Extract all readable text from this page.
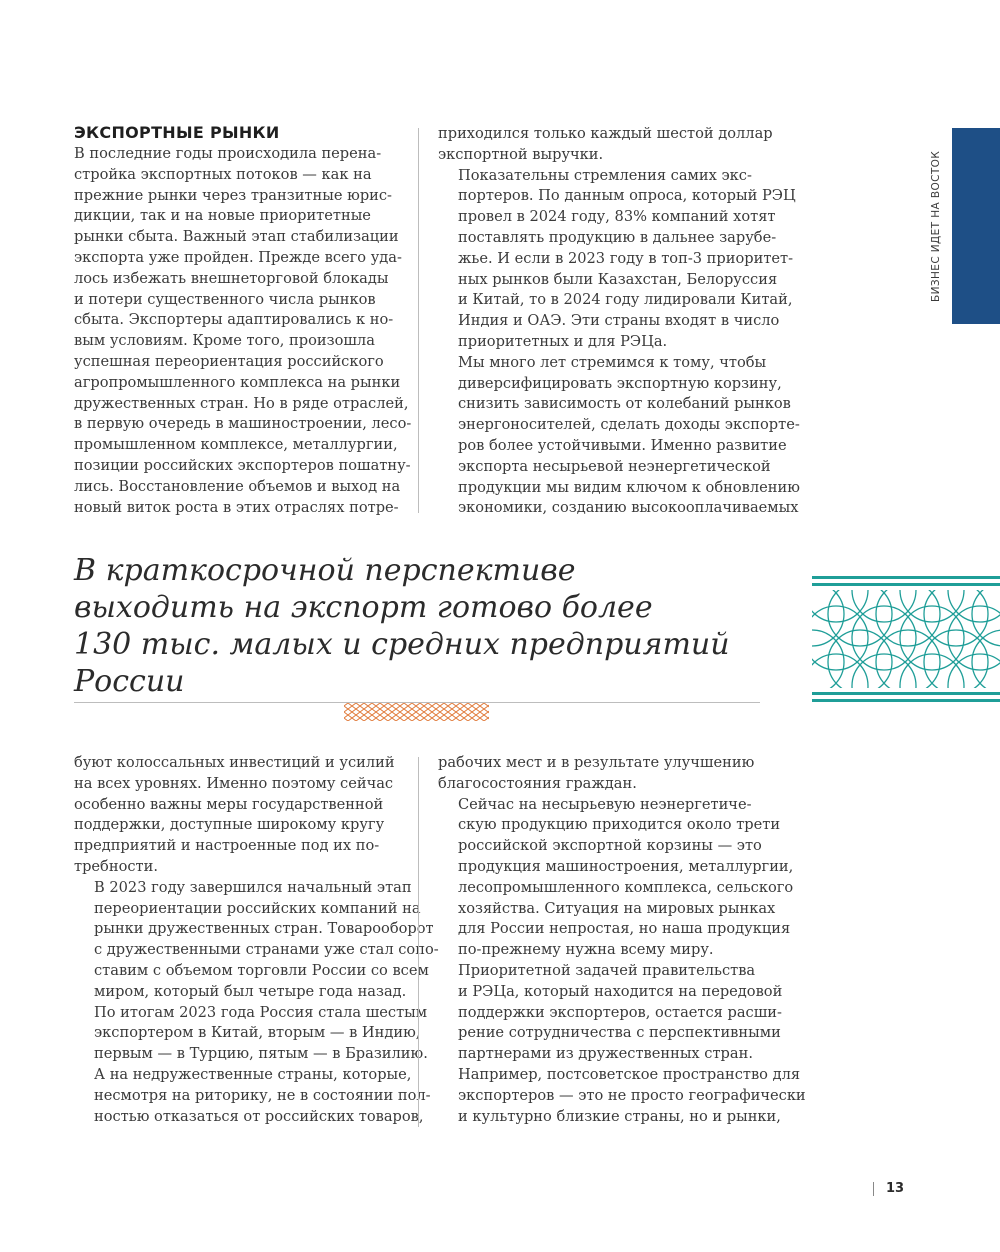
БИЗНЕС ИДЕТ НА ВОСТОК
ЭКСПОРТНЫЕ РЫНКИ

В последние годы происходила перена-
стройка экспортных потоков — как на
прежние рынки через транзитные юрис-
дикции, так и на новые приоритетные
рынки сбыта. Важный этап стабилизации
экспорта уже пройден. Прежде всего уда-
лось избежать внешнеторговой блокады
и потери существенного числа рынков
сбыта. Экспортеры адаптировались к но-
вым условиям. Кроме того, произошла
успешная переориентация российского
агропромышленного комплекса на рынки
дружественных стран. Но в ряде отраслей,
в первую очередь в машиностроении, лесо-
промышленном комплексе, металлургии,
позиции российских экспортеров пошатну-
лись. Восстановление объемов и выход на
новый виток роста в этих отраслях потре-

приходился только каждый шестой доллар
экспортной выручки.

Показательны стремления самих экс-
портеров. По данным опроса, который РЭЦ
провел в 2024 году, 83% компаний хотят
поставлять продукцию в дальнее зарубе-
жье. И если в 2023 году в топ-3 приоритет-
ных рынков были Казахстан, Белоруссия
и Китай, то в 2024 году лидировали Китай,
Индия и ОАЭ. Эти страны входят в число
приоритетных и для РЭЦа.

Мы много лет стремимся к тому, чтобы
диверсифицировать экспортную корзину,
снизить зависимость от колебаний рынков
энергоносителей, сделать доходы экспорте-
ров более устойчивыми. Именно развитие
экспорта несырьевой неэнергетической
продукции мы видим ключом к обновлению
экономики, созданию высокооплачиваемых

В краткосрочной перспективе
выходить на экспорт готово более
130 тыс. малых и средних предприятий
России

буют колоссальных инвестиций и усилий
на всех уровнях. Именно поэтому сейчас
особенно важны меры государственной
поддержки, доступные широкому кругу
предприятий и настроенные под их по-
требности.

В 2023 году завершился начальный этап
переориентации российских компаний на
рынки дружественных стран. Товарооборот
с дружественными странами уже стал сопо-
ставим с объемом торговли России со всем
миром, который был четыре года назад.
По итогам 2023 года Россия стала шестым
экспортером в Китай, вторым — в Индию,
первым — в Турцию, пятым — в Бразилию.
А на недружественные страны, которые,
несмотря на риторику, не в состоянии пол-
ностью отказаться от российских товаров,

рабочих мест и в результате улучшению
благосостояния граждан.

Сейчас на несырьевую неэнергетиче-
скую продукцию приходится около трети
российской экспортной корзины — это
продукция машиностроения, металлургии,
лесопромышленного комплекса, сельского
хозяйства. Ситуация на мировых рынках
для России непростая, но наша продукция
по-прежнему нужна всему миру.

Приоритетной задачей правительства
и РЭЦа, который находится на передовой
поддержки экспортеров, остается расши-
рение сотрудничества с перспективными
партнерами из дружественных стран.
Например, постсоветское пространство для
экспортеров — это не просто географически
и культурно близкие страны, но и рынки,

13
